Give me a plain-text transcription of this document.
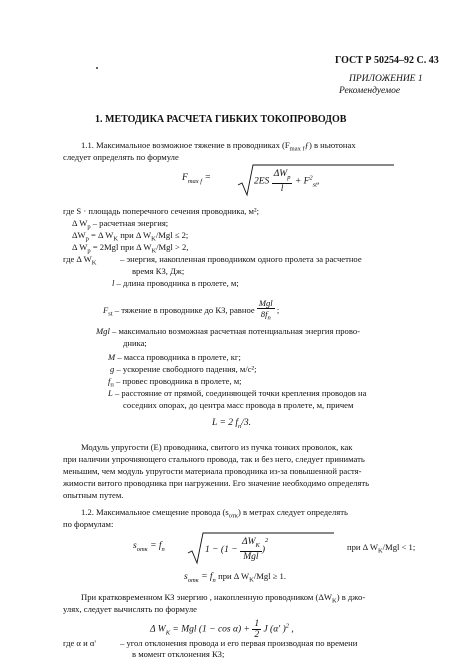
ГОСТ Р 50254–92 С. 43
ПРИЛОЖЕНИЕ 1
Рекомендуемое
1. МЕТОДИКА РАСЧЕТА ГИБКИХ ТОКОПРОВОДОВ
1.1. Максимальное возможное тяжение в проводниках $(F_{max f}ƒ)$ в ньютонах
следует определять по формуле
$F_{max f}$ =	$2ES \frac{\Delta W_p}{l} + F^2_{st}$,
где S · площадь поперечного сечения проводника, м²;
Δ $W_p$ – расчетная энергия;
$\Delta W_p = \Delta$ $W_K$ при Δ $W_K$/Mgl ≤ 2;
Δ $W_p = 2Mgl$ при Δ $W_K$/Mgl > 2,
где Δ $W_K$	– энергия, накопленная проводником одного пролета за расчетное
время КЗ, Дж;
l – длина проводника в пролете, м;
$F_{st}$ – тяжение в проводнике до КЗ, равное $\frac{\text{Mgl}}{8f_п}$ ;
Mgl – максимально возможная расчетная потенциальная энергия прово-
дника;
M – масса проводника в пролете, кг;
g – ускорение свободного падения, м/с²;
$f_п$ – провес проводника в пролете, м;
L – расстояние от прямой, соединяющей точки крепления проводов на
соседних опорах, до центра масс провода в пролете, м, причем
L = 2 $f_п/3$.
Модуль упругости (E) проводника, свитого из пучка тонких проволок, как
при наличии упрочняющего стального провода, так и без него, следует принимать
меньшим, чем модуль упругости материала проводника из-за повышенной растя-
жимости витого проводника при нагружении. Его значение необходимо определять
опытным путем.
1.2. Максимальное смещение провода $(s_{отк})$ в метрах следует определять
по формулам:
$s_{отк} = f_п$	$1 - (1 - \frac{\Delta W_K}{\text{Mgl}} )^2$
при Δ $W_K$/Mgl < 1;
$s_{отк} = f_п$ при Δ $W_K$/Mgl ≥ 1.
При кратковременном КЗ энергию , накопленную проводником $(\Delta W_K)$ в джо-
улях, следует вычислять по формуле
Δ $W_K$ = Mgl $(1 - \cos \alpha) + \frac{1}{2}$ J (α' )$^2$ ,
где α и α'	– угол отклонения провода и его первая производная по времени
в момент отклонения КЗ;
